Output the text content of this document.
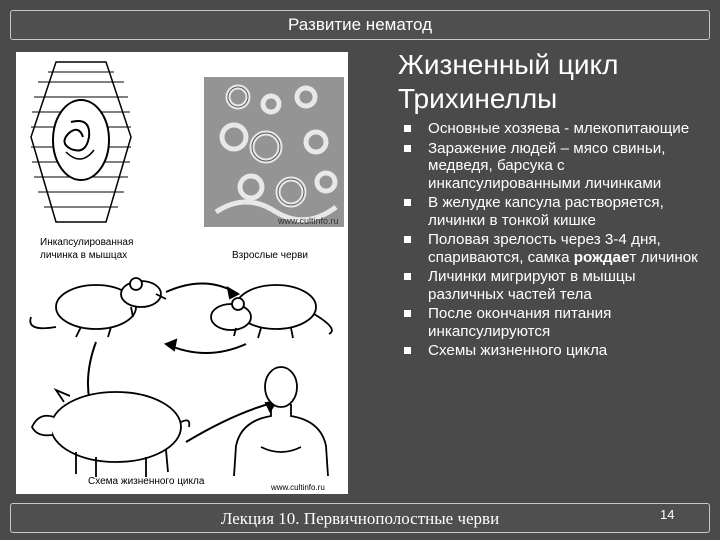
Развитие нематод
www.cultinfo.ru
Инкапсулированная
личинка в мышцах	Взрослые черви
Схема жизненного цикла
www.cultinfo.ru
Жизненный цикл
Трихинеллы
Основные хозяева - млекопитающие
Заражение людей – мясо свиньи, медведя, барсука с инкапсулированными личинками
В желудке капсула растворяется, личинки в тонкой кишке
Половая зрелость через 3-4 дня, спариваются, самка рождает личинок
Личинки мигрируют в мышцы различных частей тела
После окончания питания инкапсулируются
Схемы жизненного цикла
Лекция 10. Первичнополостные черви	14
